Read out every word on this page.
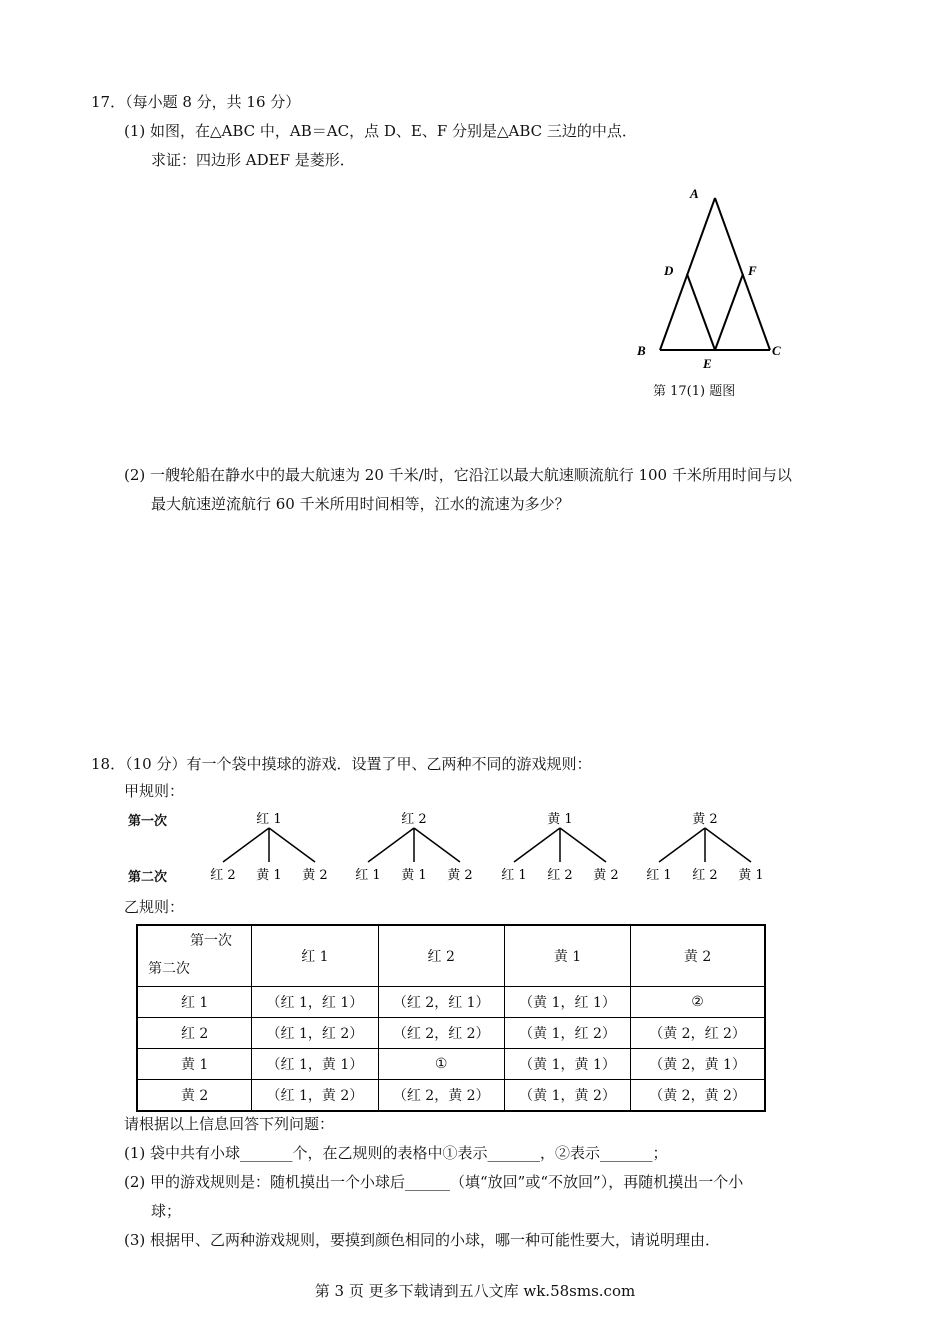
17．（每小题 8 分，共 16 分）
(1) 如图，在△ABC 中，AB＝AC，点 D、E、F 分别是△ABC 三边的中点．
求证：四边形 ADEF 是菱形．
A
D	F
B	C
E
第 17(1) 题图
(2) 一艘轮船在静水中的最大航速为 20 千米/时，它沿江以最大航速顺流航行 100 千米所用时间与以
最大航速逆流航行 60 千米所用时间相等，江水的流速为多少？
18．（10 分）有一个袋中摸球的游戏．设置了甲、乙两种不同的游戏规则：
甲规则：
第一次
第二次
红 1
红 2 黄 1 黄 2
红 2
红 1 黄 1 黄 2
黄 1
红 1 红 2 黄 2
黄 2
红 1 红 2 黄 1
乙规则：
第一次
第二次	红 1	红 2	黄 1	黄 2
红 1	（红 1，红 1）	（红 2，红 1）	（黄 1，红 1）	②
红 2	（红 1，红 2）	（红 2，红 2）	（黄 1，红 2）	（黄 2，红 2）
黄 1	（红 1，黄 1）	①	（黄 1，黄 1）	（黄 2，黄 1）
黄 2	（红 1，黄 2）	（红 2，黄 2）	（黄 1，黄 2）	（黄 2，黄 2）
请根据以上信息回答下列问题：
(1) 袋中共有小球_______个，在乙规则的表格中①表示_______，②表示_______；
(2) 甲的游戏规则是：随机摸出一个小球后______（填“放回”或“不放回”），再随机摸出一个小
球；
(3) 根据甲、乙两种游戏规则，要摸到颜色相同的小球，哪一种可能性要大，请说明理由．
第 3 页 更多下载请到五八文库 wk.58sms.com
